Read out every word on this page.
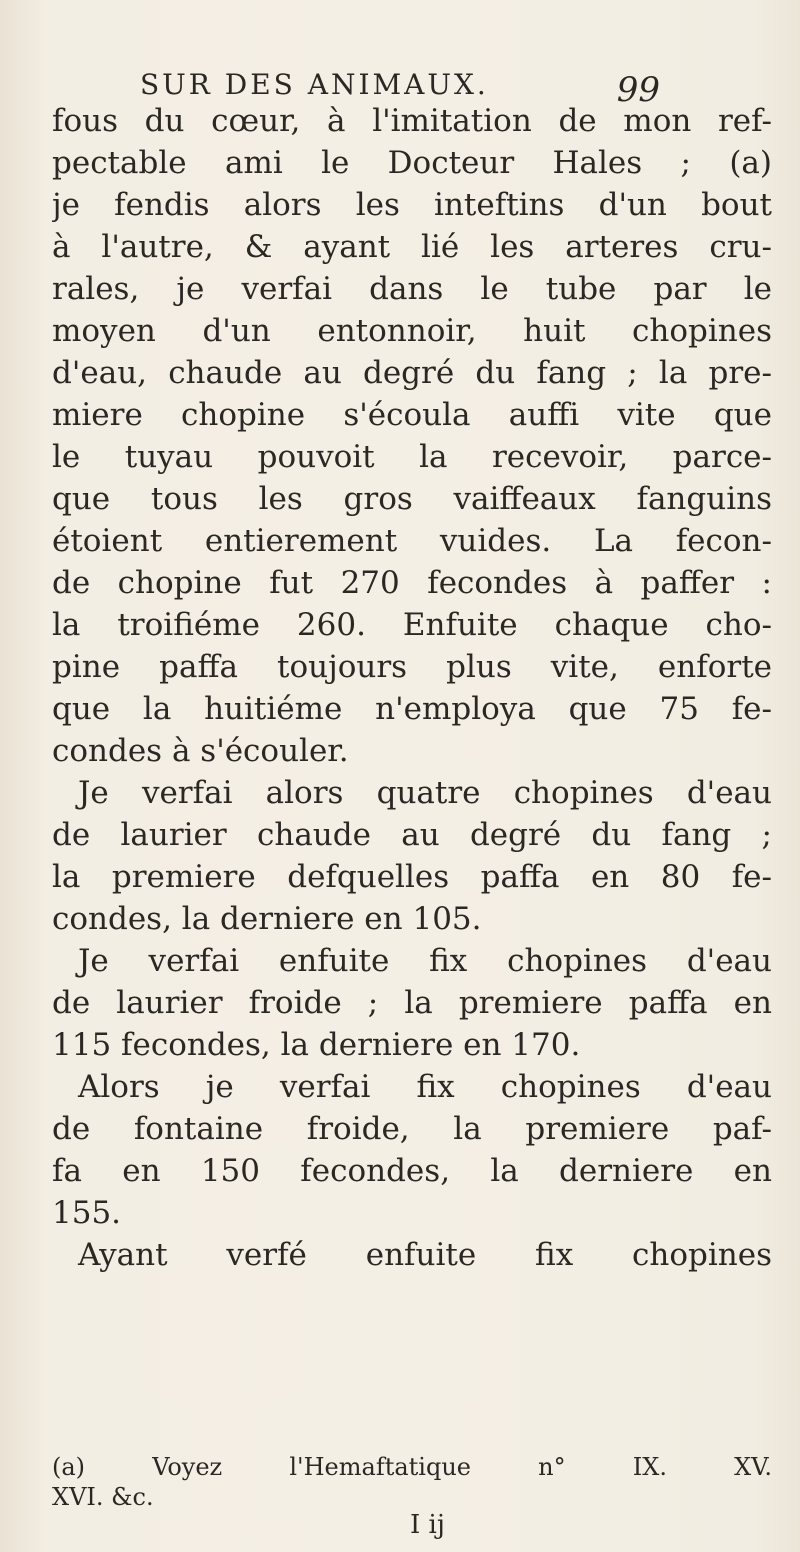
SUR DES ANIMAUX.	99
fous du cœur, à l'imitation de mon ref-
pectable ami le Docteur Hales ; (a)
je fendis alors les inteftins d'un bout
à l'autre, & ayant lié les arteres cru-
rales, je verfai dans le tube par le
moyen d'un entonnoir, huit chopines
d'eau, chaude au degré du fang ; la pre-
miere chopine s'écoula auffi vite que
le tuyau pouvoit la recevoir, parce-
que tous les gros vaiffeaux fanguins
étoient entierement vuides. La fecon-
de chopine fut 270 fecondes à paffer :
la troifiéme 260. Enfuite chaque cho-
pine paffa toujours plus vite, enforte
que la huitiéme n'employa que 75 fe-
condes à s'écouler.
Je verfai alors quatre chopines d'eau
de laurier chaude au degré du fang ;
la premiere defquelles paffa en 80 fe-
condes, la derniere en 105.
Je verfai enfuite fix chopines d'eau
de laurier froide ; la premiere paffa en
115 fecondes, la derniere en 170.
Alors je verfai fix chopines d'eau
de fontaine froide, la premiere paf-
fa en 150 fecondes, la derniere en
155.
Ayant verfé enfuite fix chopines
(a) Voyez l'Hemaftatique n° IX. XV.
XVI. &c.
I ij
